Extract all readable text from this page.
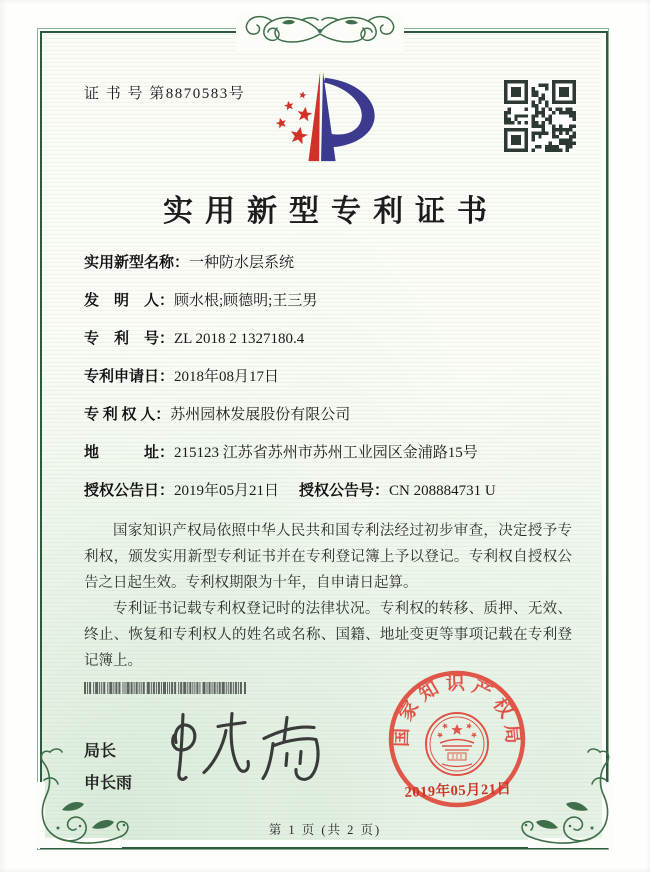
证 书 号 第8870583号
实用新型专利证书
实用新型名称：一种防水层系统
发　明　人：顾水根;顾德明;王三男
专　利　号：ZL 2018 2 1327180.4
专利申请日：2018年08月17日
专 利 权 人：苏州园林发展股份有限公司
地　　　址：215123 江苏省苏州市苏州工业园区金浦路15号
授权公告日：2019年05月21日 授权公告号：CN 208884731 U

国家知识产权局依照中华人民共和国专利法经过初步审查，决定授予专利权，颁发实用新型专利证书并在专利登记簿上予以登记。专利权自授权公告之日起生效。专利权期限为十年，自申请日起算。

专利证书记载专利权登记时的法律状况。专利权的转移、质押、无效、终止、恢复和专利权人的姓名或名称、国籍、地址变更等事项记载在专利登记簿上。

局长
申长雨
国家知识产权局
2019年05月21日
第 1 页 (共 2 页)
